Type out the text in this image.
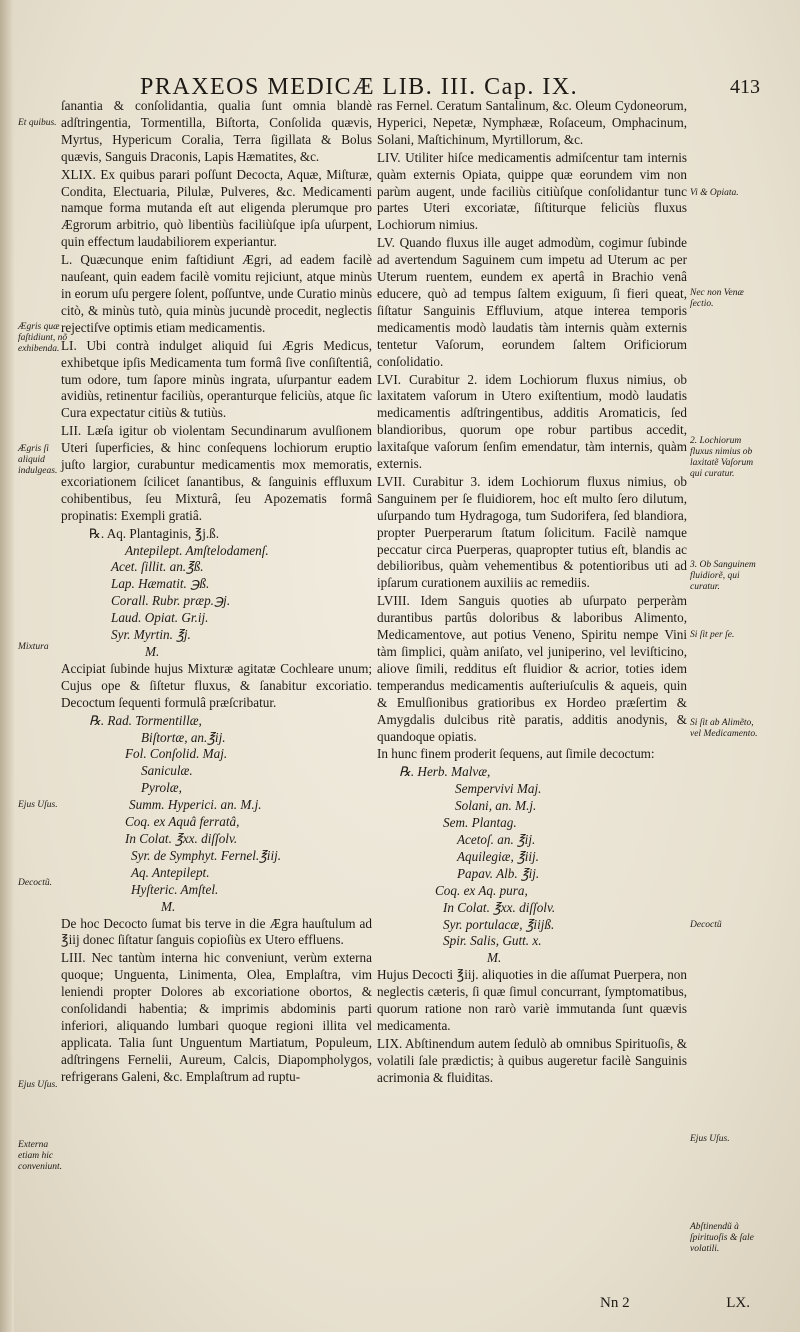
PRAXEOS MEDICÆ LIB. III. Cap. IX.	413

ſanantia & conſolidantia, qualia ſunt omnia blandè adſtringentia, Tormentilla, Biſtorta, Conſolida quævis, Myrtus, Hypericum Coralia, Terra ſigillata & Bolus quævis, Sanguis Draconis, Lapis Hæmatites, &c.

XLIX. Ex quibus parari poſſunt Decocta, Aquæ, Miſturæ, Condita, Electuaria, Pilulæ, Pulveres, &c. Medicamenti namque forma mutanda eſt aut eligenda plerumque pro Ægrorum arbitrio, quò libentiùs faciliùſque ipſa uſurpent, quin effectum laudabiliorem experiantur.

L. Quæcunque enim faſtidiunt Ægri, ad eadem facilè nauſeant, quin eadem facilè vomitu rejiciunt, atque minùs in eorum uſu pergere ſolent, poſſuntve, unde Curatio minùs citò, & minùs tutò, quia minùs jucundè procedit, neglectis rejectiſve optimis etiam medicamentis.

LI. Ubi contrà indulget aliquid ſui Ægris Medicus, exhibetque ipſis Medicamenta tum formâ ſive conſiſtentiâ, tum odore, tum ſapore minùs ingrata, uſurpantur eadem avidiùs, retinentur faciliùs, operanturque feliciùs, atque ſic Cura expectatur citiùs & tutiùs.

LII. Læſa igitur ob violentam Secundinarum avulſionem Uteri ſuperficies, & hinc conſequens lochiorum eruptio juſto largior, curabuntur medicamentis mox memoratis, excoriationem ſcilicet ſanantibus, & ſanguinis effluxum cohibentibus, ſeu Mixturâ, ſeu Apozematis formâ propinatis: Exempli gratiâ.

℞. Aq. Plantaginis, ℥j.ß.
Antepilept. Amſtelodamenſ.
Acet. ſillit. an.℥ß.
Lap. Hæmatit. ℈ß.
Corall. Rubr. præp.℈j.
Laud. Opiat. Gr.ij.
Syr. Myrtin. ℥j.
M.

Accipiat ſubinde hujus Mixturæ agitatæ Cochleare unum; Cujus ope & ſiſtetur fluxus, & ſanabitur excoriatio. Decoctum ſequenti formulâ præſcribatur.

℞. Rad. Tormentillæ,
Biſtortæ, an.℥ij.
Fol. Conſolid. Maj.
Saniculæ.
Pyrolæ,
Summ. Hyperici. an. M.j.
Coq. ex Aquâ ferratâ,
In Colat. ℥xx. diſſolv.
Syr. de Symphyt. Fernel.℥iij.
Aq. Antepilept.
Hyſteric. Amſtel.
M.

De hoc Decocto ſumat bis terve in die Ægra hauſtulum ad ℥iij donec ſiſtatur ſanguis copioſiùs ex Utero effluens.

LIII. Nec tantùm interna hic conveniunt, verùm externa quoque; Unguenta, Linimenta, Olea, Emplaſtra, vim leniendi propter Dolores ab excoriatione obortos, & conſolidandi habentia; & imprimis abdominis parti inferiori, aliquando lumbari quoque regioni illita vel applicata. Talia ſunt Unguentum Martiatum, Populeum, adſtringens Fernelii, Aureum, Calcis, Diapompholygos, refrigerans Galeni, &c. Emplaſtrum ad ruptu-

ras Fernel. Ceratum Santalinum, &c. Oleum Cydoneorum, Hyperici, Nepetæ, Nymphææ, Roſaceum, Omphacinum, Solani, Maſtichinum, Myrtillorum, &c.

LIV. Utiliter hiſce medicamentis admiſcentur tam internis quàm externis Opiata, quippe quæ eorundem vim non parùm augent, unde faciliùs citiùſque conſolidantur tunc partes Uteri excoriatæ, ſiſtiturque feliciùs fluxus Lochiorum nimius.

LV. Quando fluxus ille auget admodùm, cogimur ſubinde ad avertendum Saguinem cum impetu ad Uterum ac per Uterum ruentem, eundem ex apertâ in Brachio venâ educere, quò ad tempus ſaltem exiguum, ſi fieri queat, ſiſtatur Sanguinis Effluvium, atque interea temporis medicamentis modò laudatis tàm internis quàm externis tentetur Vaſorum, eorundem ſaltem Orificiorum conſolidatio.

LVI. Curabitur 2. idem Lochiorum fluxus nimius, ob laxitatem vaſorum in Utero exiſtentium, modò laudatis medicamentis adſtringentibus, additis Aromaticis, ſed blandioribus, quorum ope robur partibus accedit, laxitaſque vaſorum ſenſim emendatur, tàm internis, quàm externis.

LVII. Curabitur 3. idem Lochiorum fluxus nimius, ob Sanguinem per ſe fluidiorem, hoc eſt multo ſero dilutum, uſurpando tum Hydragoga, tum Sudorifera, ſed blandiora, propter Puerperarum ſtatum ſolicitum. Facilè namque peccatur circa Puerperas, quapropter tutius eſt, blandis ac debilioribus, quàm vehementibus & potentioribus uti ad ipſarum curationem auxiliis ac remediis.

LVIII. Idem Sanguis quoties ab uſurpato perperàm durantibus partûs doloribus & laboribus Alimento, Medicamentove, aut potius Veneno, Spiritu nempe Vini tàm ſimplici, quàm aniſato, vel juniperino, vel leviſticino, aliove ſimili, redditus eſt fluidior & acrior, toties idem temperandus medicamentis auſteriuſculis & aqueis, quin & Emulſionibus gratioribus ex Hordeo præſertim & Amygdalis dulcibus ritè paratis, additis anodynis, & quandoque opiatis.

In hunc finem proderit ſequens, aut ſimile decoctum:

℞. Herb. Malvæ,
Sempervivi Maj.
Solani, an. M.j.
Sem. Plantag.
Acetoſ. an. ℥ij.
Aquilegiæ, ℥iij.
Papav. Alb. ℥ij.
Coq. ex Aq. pura,
In Colat. ℥xx. diſſolv.
Syr. portulacæ, ℥iijß.
Spir. Salis, Gutt. x.
M.

Hujus Decocti ℥iij. aliquoties in die aſſumat Puerpera, non neglectis cæteris, ſi quæ ſimul concurrant, ſymptomatibus, quorum ratione non rarò variè immutanda ſunt quævis medicamenta.

LIX. Abſtinendum autem ſedulò ab omnibus Spirituoſis, & volatili ſale prædictis; à quibus augeretur facilè Sanguinis acrimonia & fluiditas.

Et quibus.
Ægris quæ faſtidiunt, nõ exhibenda.
Ægris ſi aliquid indulgeas.
Mixtura
Ejus Uſus.
Decoctũ.
Ejus Uſus.
Externa etiam hic conveniunt.
Vi & Opiata.
Nec non Venæ ſectio.
2. Lochiorum fluxus nimius ob laxitatẽ Vaſorum qui curatur.
3. Ob Sanguinem fluidiorẽ, qui curatur.
Si ſit per ſe.
Si ſit ab Alimẽto, vel Medicamento.
Decoctũ
Ejus Uſus.
Abſtinendũ à ſpirituoſis & ſale volatili.
Nn 2	LX.
